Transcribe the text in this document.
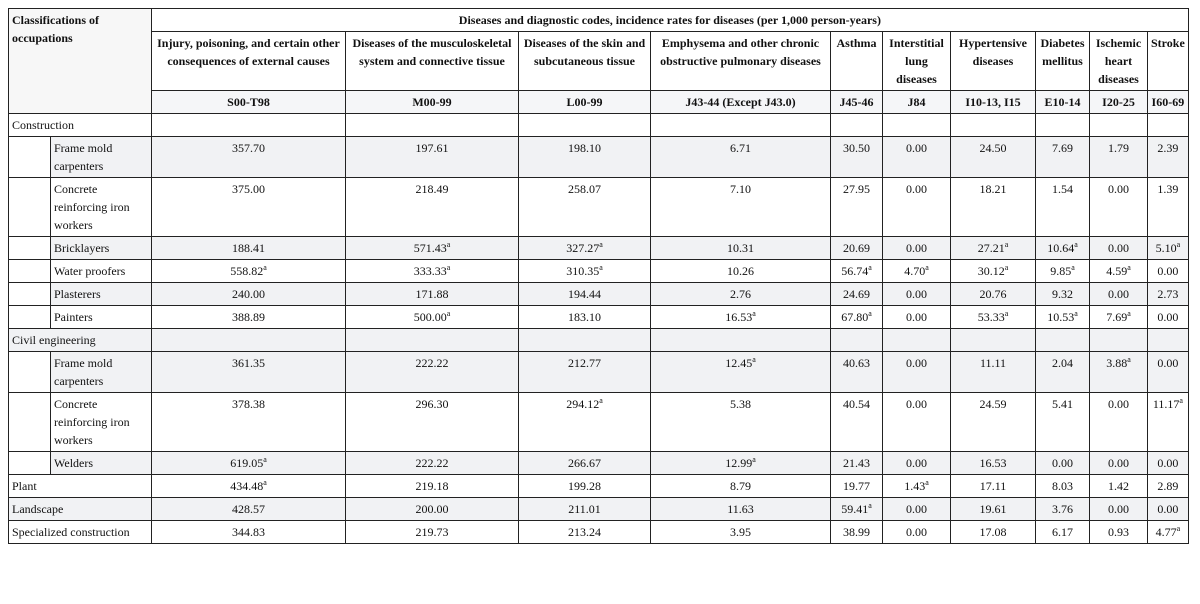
Classifications of occupations		Diseases and diagnostic codes, incidence rates for diseases (per 1,000 person-years)									
		Injury, poisoning, and certain other consequences of external causes	Diseases of the musculoskeletal system and connective tissue	Diseases of the skin and subcutaneous tissue	Emphysema and other chronic obstructive pulmonary diseases	Asthma	Interstitial lung diseases	Hypertensive diseases	Diabetes mellitus	Ischemic heart diseases	Stroke
		S00-T98	M00-99	L00-99	J43-44 (Except J43.0)	J45-46	J84	I10-13, I15	E10-14	I20-25	I60-69
Construction											
	Frame mold carpenters	357.70	197.61	198.10	6.71	30.50	0.00	24.50	7.69	1.79	2.39
	Concrete reinforcing iron workers	375.00	218.49	258.07	7.10	27.95	0.00	18.21	1.54	0.00	1.39
	Bricklayers	188.41	571.43$^a$	327.27$^a$	10.31	20.69	0.00	27.21$^a$	10.64$^a$	0.00	5.10$^a$
	Water proofers	558.82$^a$	333.33$^a$	310.35$^a$	10.26	56.74$^a$	4.70$^a$	30.12$^a$	9.85$^a$	4.59$^a$	0.00
	Plasterers	240.00	171.88	194.44	2.76	24.69	0.00	20.76	9.32	0.00	2.73
	Painters	388.89	500.00$^a$	183.10	16.53$^a$	67.80$^a$	0.00	53.33$^a$	10.53$^a$	7.69$^a$	0.00
Civil engineering											
	Frame mold carpenters	361.35	222.22	212.77	12.45$^a$	40.63	0.00	11.11	2.04	3.88$^a$	0.00
	Concrete reinforcing iron workers	378.38	296.30	294.12$^a$	5.38	40.54	0.00	24.59	5.41	0.00	11.17$^a$
	Welders	619.05$^a$	222.22	266.67	12.99$^a$	21.43	0.00	16.53	0.00	0.00	0.00
Plant		434.48$^a$	219.18	199.28	8.79	19.77	1.43$^a$	17.11	8.03	1.42	2.89
Landscape		428.57	200.00	211.01	11.63	59.41$^a$	0.00	19.61	3.76	0.00	0.00
Specialized construction		344.83	219.73	213.24	3.95	38.99	0.00	17.08	6.17	0.93	4.77$^a$
